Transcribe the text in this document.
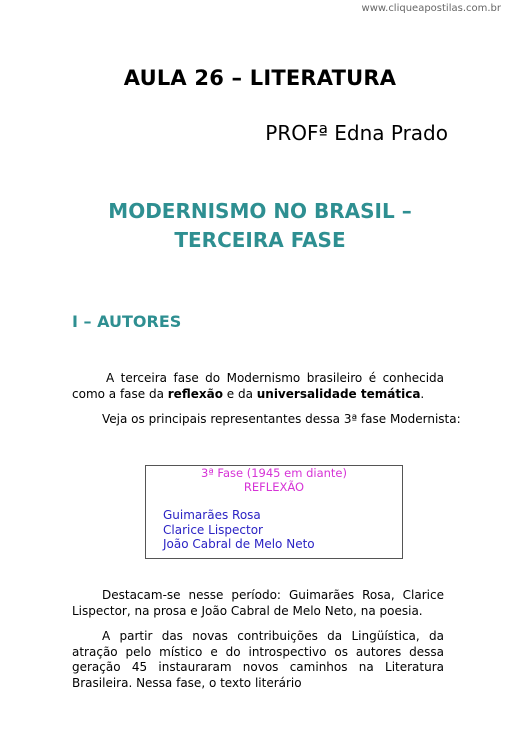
www.cliqueapostilas.com.br
AULA 26 – LITERATURA
PROFª Edna Prado
MODERNISMO NO BRASIL –
TERCEIRA FASE
I – AUTORES
A terceira fase do Modernismo brasileiro é conhecida como a fase da reflexão e da universalidade temática.
Veja os principais representantes dessa 3ª fase Modernista:
3ª Fase (1945 em diante)
REFLEXÃO
Guimarães Rosa
Clarice Lispector
João Cabral de Melo Neto
Destacam-se nesse período: Guimarães Rosa, Clarice Lispector, na prosa e João Cabral de Melo Neto, na poesia.
A partir das novas contribuições da Lingüística, da atração pelo místico e do introspectivo os autores dessa geração 45 instauraram novos caminhos na Literatura Brasileira. Nessa fase, o texto literário
